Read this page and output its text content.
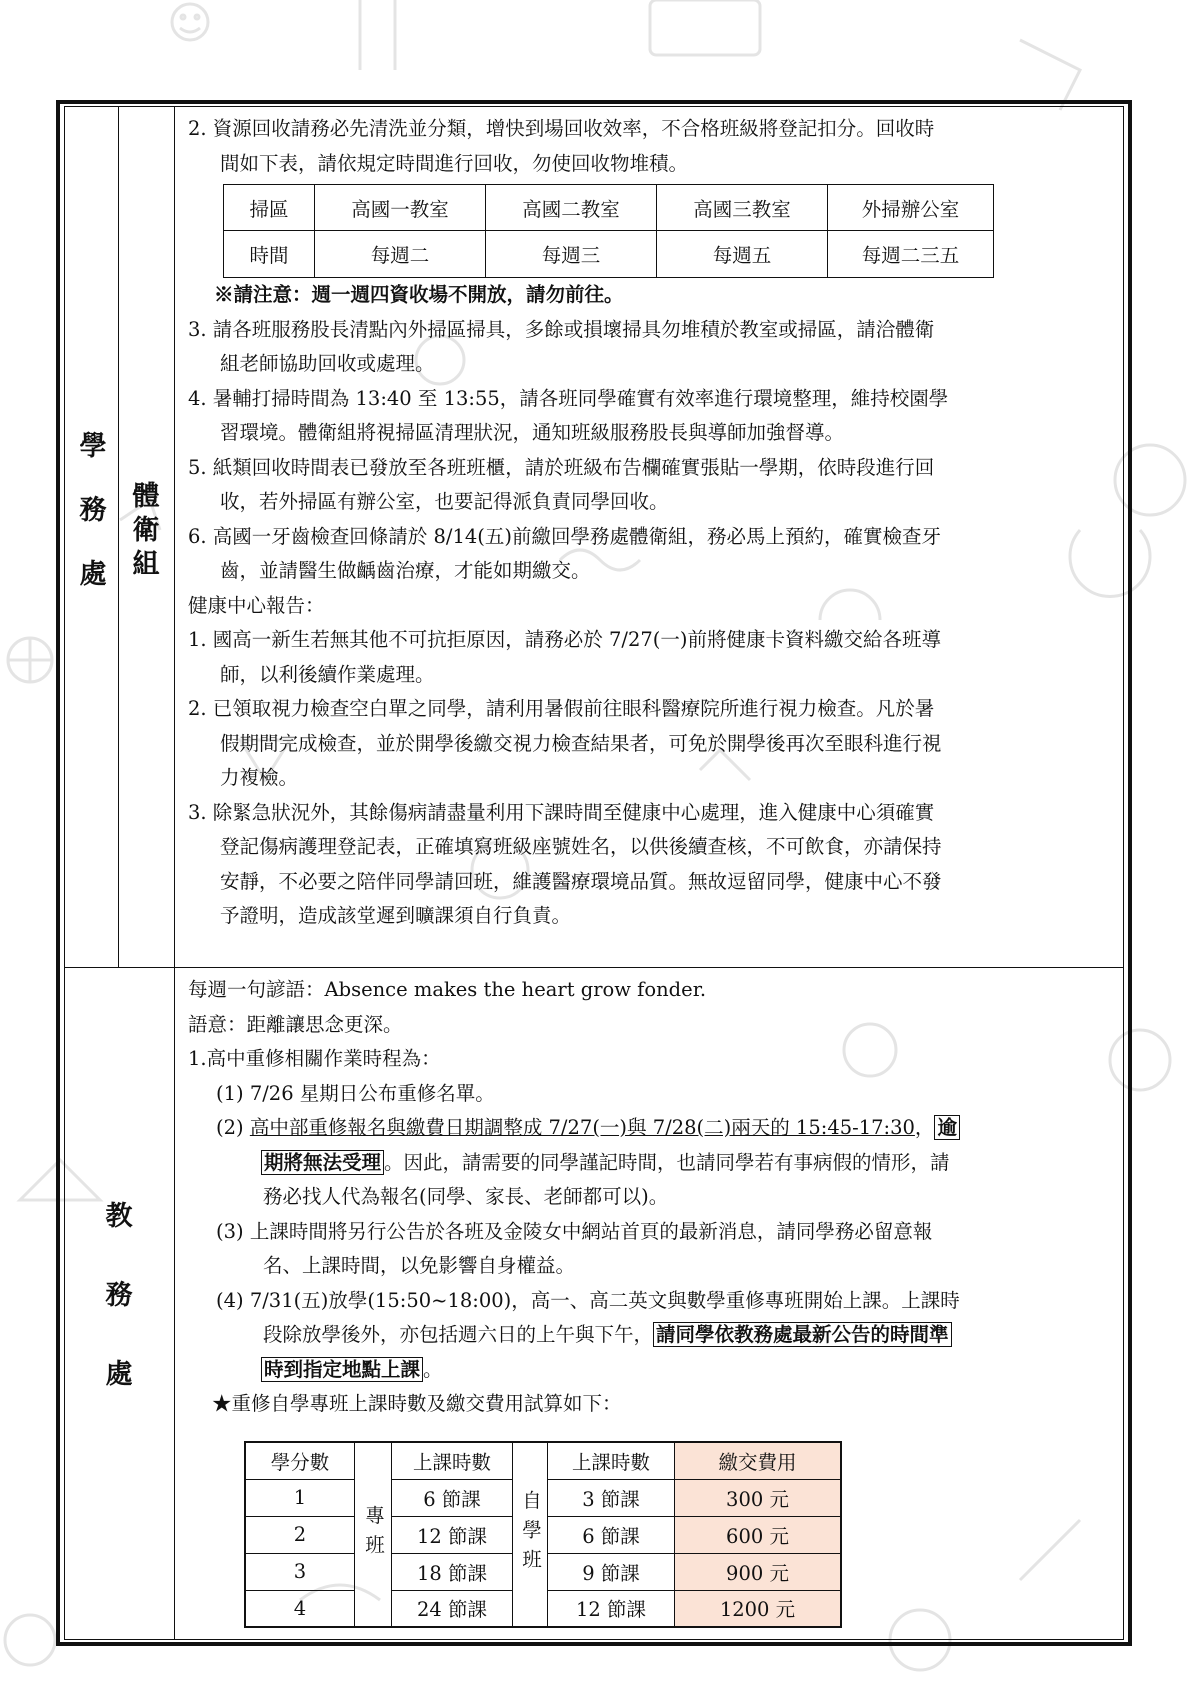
學
務
處
體
衛
組
教
務
處
2. 資源回收請務必先清洗並分類，增快到場回收效率，不合格班級將登記扣分。回收時
間如下表，請依規定時間進行回收，勿使回收物堆積。
掃區	高國一教室	高國二教室	高國三教室	外掃辦公室
時間	每週二	每週三	每週五	每週二三五
※請注意：週一週四資收場不開放，請勿前往。
3. 請各班服務股長清點內外掃區掃具，多餘或損壞掃具勿堆積於教室或掃區，請洽體衛
組老師協助回收或處理。
4. 暑輔打掃時間為 13:40 至 13:55，請各班同學確實有效率進行環境整理，維持校園學
習環境。體衛組將視掃區清理狀況，通知班級服務股長與導師加強督導。
5. 紙類回收時間表已發放至各班班櫃，請於班級布告欄確實張貼一學期，依時段進行回
收，若外掃區有辦公室，也要記得派負責同學回收。
6. 高國一牙齒檢查回條請於 8/14(五)前繳回學務處體衛組，務必馬上預約，確實檢查牙
齒，並請醫生做齲齒治療，才能如期繳交。
健康中心報告：
1. 國高一新生若無其他不可抗拒原因，請務必於 7/27(一)前將健康卡資料繳交給各班導
師，以利後續作業處理。
2. 已領取視力檢查空白單之同學，請利用暑假前往眼科醫療院所進行視力檢查。凡於暑
假期間完成檢查，並於開學後繳交視力檢查結果者，可免於開學後再次至眼科進行視
力複檢。
3. 除緊急狀況外，其餘傷病請盡量利用下課時間至健康中心處理，進入健康中心須確實
登記傷病護理登記表，正確填寫班級座號姓名，以供後續查核，不可飲食，亦請保持
安靜，不必要之陪伴同學請回班，維護醫療環境品質。無故逗留同學，健康中心不發
予證明，造成該堂遲到曠課須自行負責。
每週一句諺語：Absence makes the heart grow fonder.
語意：距離讓思念更深。
1.高中重修相關作業時程為：
(1) 7/26 星期日公布重修名單。
(2) 高中部重修報名與繳費日期調整成 7/27(一)與 7/28(二)兩天的 15:45-17:30， 逾
期將無法受理 。因此，請需要的同學謹記時間，也請同學若有事病假的情形，請
務必找人代為報名(同學、家長、老師都可以)。
(3) 上課時間將另行公告於各班及金陵女中網站首頁的最新消息，請同學務必留意報
名、上課時間，以免影響自身權益。
(4) 7/31(五)放學(15:50~18:00)，高一、高二英文與數學重修專班開始上課。上課時
段除放學後外，亦包括週六日的上午與下午， 請同學依教務處最新公告的時間準
時到指定地點上課 。
★重修自學專班上課時數及繳交費用試算如下：
學分數	專班	上課時數	自學班	上課時數	繳交費用
1		6 節課		3 節課	300 元
2		12 節課		6 節課	600 元
3		18 節課		9 節課	900 元
4		24 節課		12 節課	1200 元
